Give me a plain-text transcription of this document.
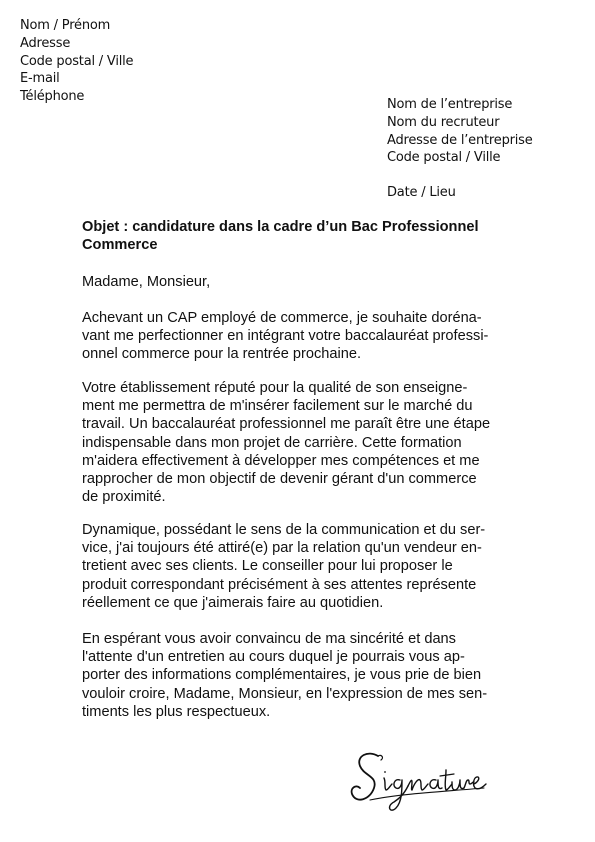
Nom / Prénom
Adresse
Code postal / Ville
E-mail
Téléphone
Nom de l’entreprise
Nom du recruteur
Adresse de l’entreprise
Code postal / Ville
Date / Lieu
Objet : candidature dans la cadre d’un Bac Professionnel
Commerce

Madame, Monsieur,

Achevant un CAP employé de commerce, je souhaite doréna-
vant me perfectionner en intégrant votre baccalauréat professi-
onnel commerce pour la rentrée prochaine.

Votre établissement réputé pour la qualité de son enseigne-
ment me permettra de m'insérer facilement sur le marché du
travail. Un baccalauréat professionnel me paraît être une étape
indispensable dans mon projet de carrière. Cette formation
m'aidera effectivement à développer mes compétences et me
rapprocher de mon objectif de devenir gérant d'un commerce
de proximité.

Dynamique, possédant le sens de la communication et du ser-
vice, j'ai toujours été attiré(e) par la relation qu'un vendeur en-
tretient avec ses clients. Le conseiller pour lui proposer le
produit correspondant précisément à ses attentes représente
réellement ce que j'aimerais faire au quotidien.

En espérant vous avoir convaincu de ma sincérité et dans
l'attente d'un entretien au cours duquel je pourrais vous ap-
porter des informations complémentaires, je vous prie de bien
vouloir croire, Madame, Monsieur, en l'expression de mes sen-
timents les plus respectueux.
